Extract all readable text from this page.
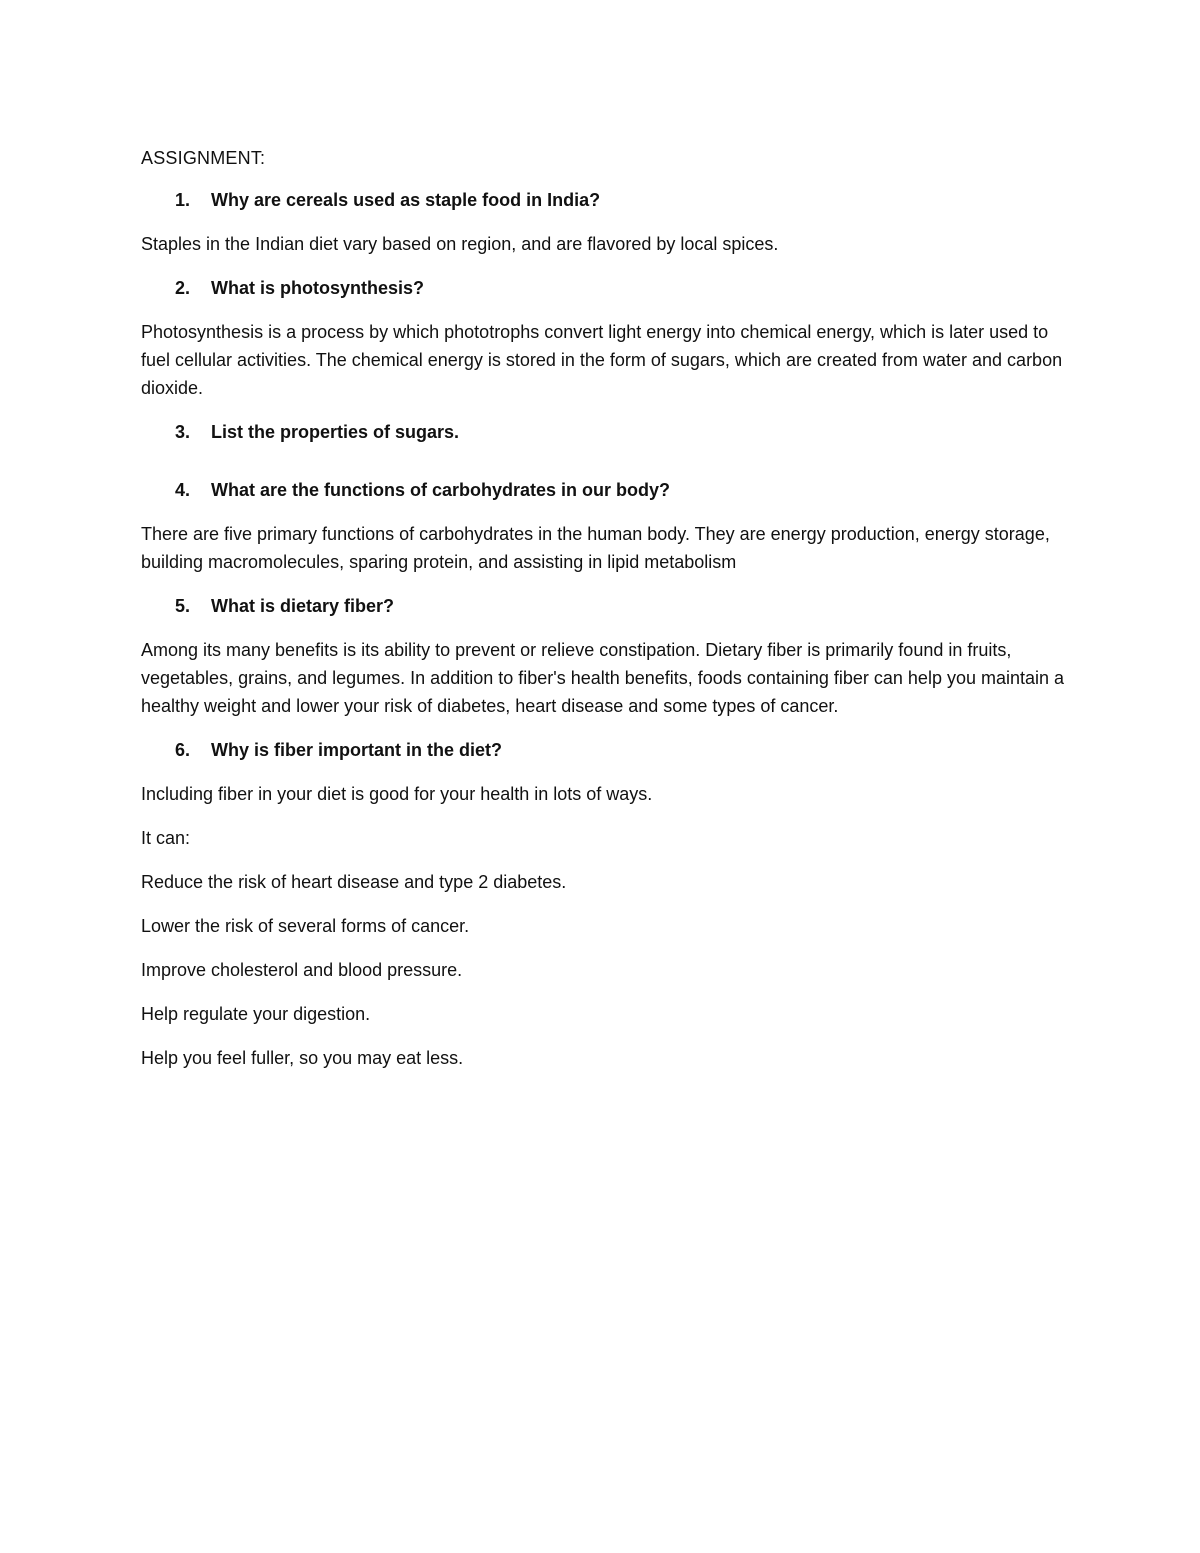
ASSIGNMENT:

1.	Why are cereals used as staple food in India?

Staples in the Indian diet vary based on region, and are flavored by local spices.

2.	What is photosynthesis?

Photosynthesis is a process by which phototrophs convert light energy into chemical energy, which is later used to fuel cellular activities. The chemical energy is stored in the form of sugars, which are created from water and carbon dioxide.

3.	List the properties of sugars.
4.	What are the functions of carbohydrates in our body?

There are five primary functions of carbohydrates in the human body. They are energy production, energy storage, building macromolecules, sparing protein, and assisting in lipid metabolism

5.	What is dietary fiber?

Among its many benefits is its ability to prevent or relieve constipation. Dietary fiber is primarily found in fruits, vegetables, grains, and legumes. In addition to fiber's health benefits, foods containing fiber can help you maintain a healthy weight and lower your risk of diabetes, heart disease and some types of cancer.

6.	Why is fiber important in the diet?

Including fiber in your diet is good for your health in lots of ways.

It can:

Reduce the risk of heart disease and type 2 diabetes.

Lower the risk of several forms of cancer.

Improve cholesterol and blood pressure.

Help regulate your digestion.

Help you feel fuller, so you may eat less.
